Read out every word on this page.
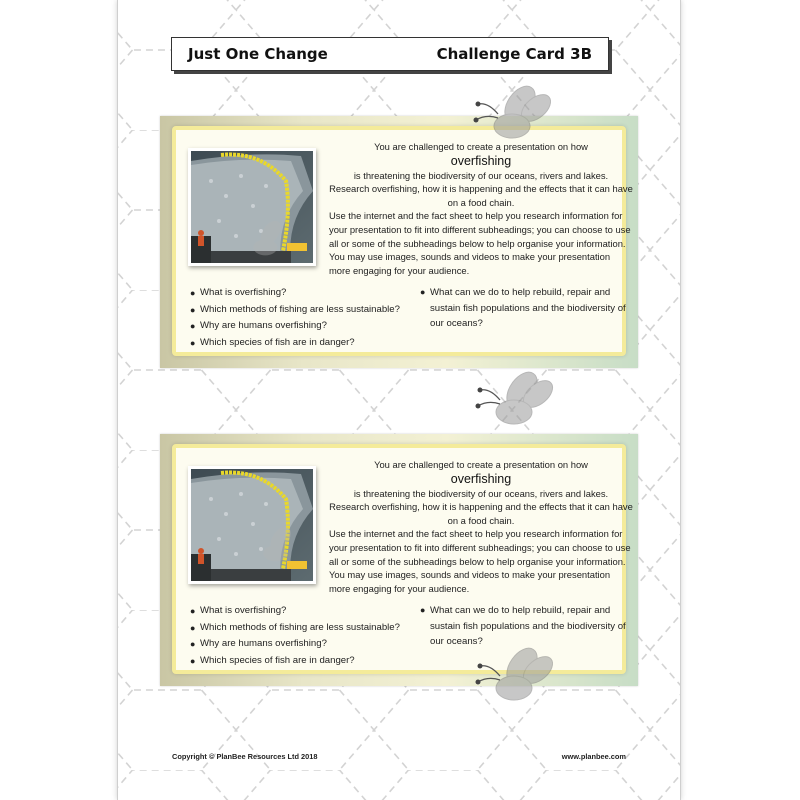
Just One Change	Challenge Card 3B
You are challenged to create a presentation on how
overfishing
is threatening the biodiversity of our oceans, rivers and lakes.
Research overfishing, how it is happening and the effects that it can have on a food chain.
Use the internet and the fact sheet to help you research information for your presentation to fit into different subheadings; you can choose to use all or some of the subheadings below to help organise your information. You may use images, sounds and videos to make your presentation more engaging for your audience.
● What is overfishing?
● Which methods of fishing are less sustainable?
● Why are humans overfishing?
● Which species of fish are in danger?
● What can we do to help rebuild, repair and sustain fish populations and the biodiversity of our oceans?
You are challenged to create a presentation on how
overfishing
is threatening the biodiversity of our oceans, rivers and lakes.
Research overfishing, how it is happening and the effects that it can have on a food chain.
Use the internet and the fact sheet to help you research information for your presentation to fit into different subheadings; you can choose to use all or some of the subheadings below to help organise your information. You may use images, sounds and videos to make your presentation more engaging for your audience.
● What is overfishing?
● Which methods of fishing are less sustainable?
● Why are humans overfishing?
● Which species of fish are in danger?
● What can we do to help rebuild, repair and sustain fish populations and the biodiversity of our oceans?
Copyright © PlanBee Resources Ltd 2018	www.planbee.com
